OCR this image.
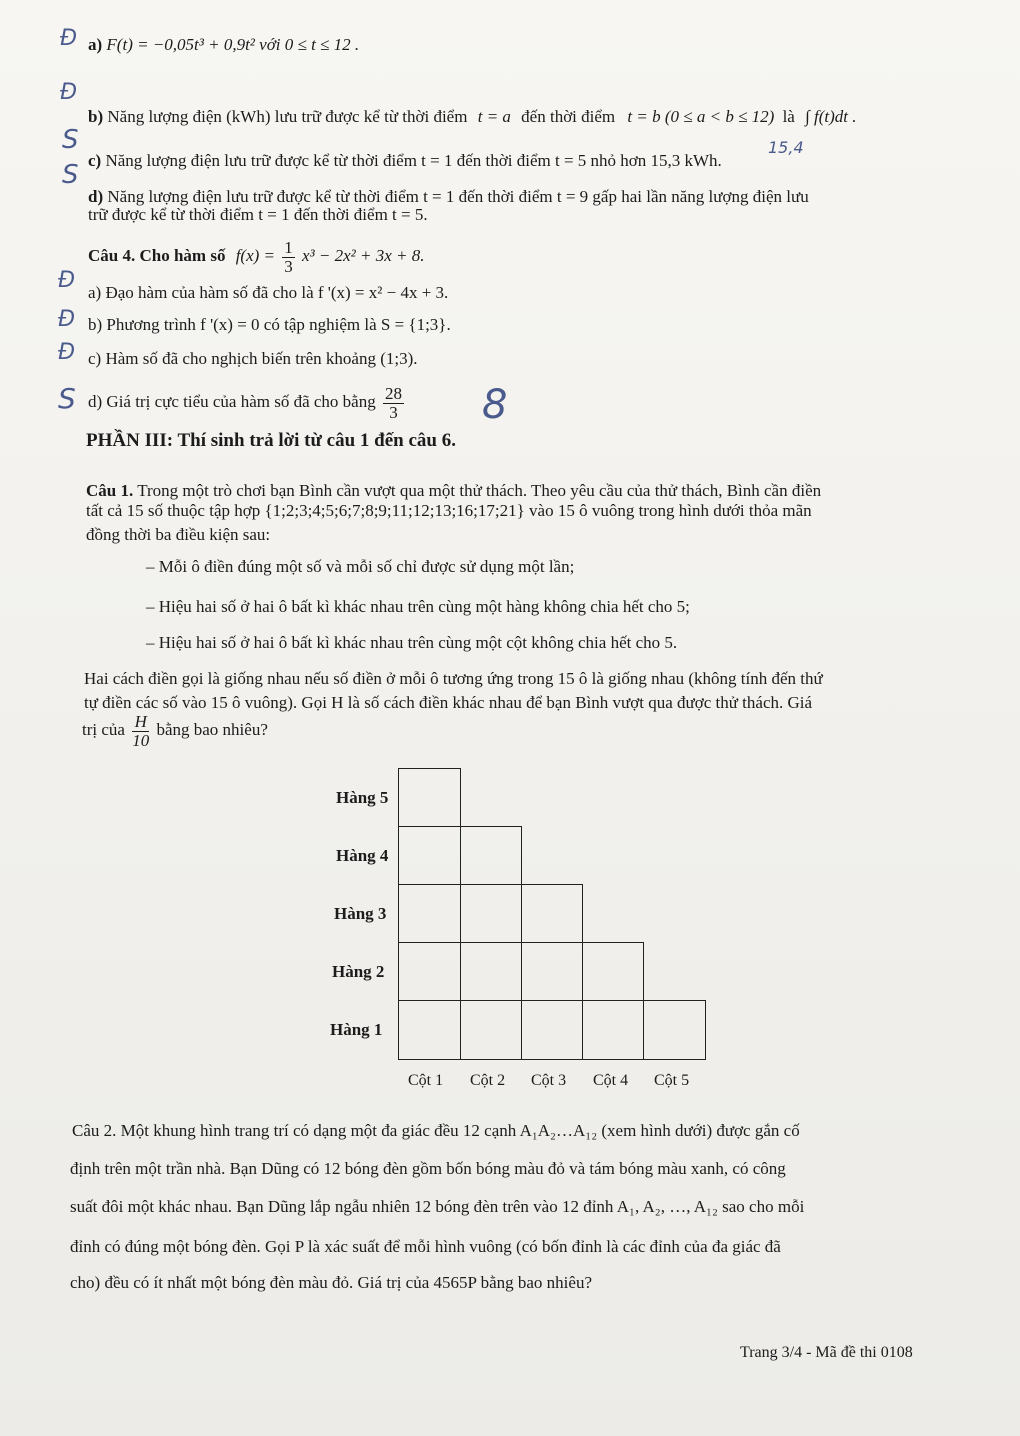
Đ
Đ
S
S
15,4
Đ
Đ
Đ
S	8
a) F(t) = −0,05t³ + 0,9t² với 0 ≤ t ≤ 12 .
b) Năng lượng điện (kWh) lưu trữ được kể từ thời điểm t = a đến thời điểm t = b (0 ≤ a < b ≤ 12) là ∫ f(t)dt .
c) Năng lượng điện lưu trữ được kể từ thời điểm t = 1 đến thời điểm t = 5 nhỏ hơn 15,3 kWh.
d) Năng lượng điện lưu trữ được kể từ thời điểm t = 1 đến thời điểm t = 9 gấp hai lần năng lượng điện lưu
trữ được kể từ thời điểm t = 1 đến thời điểm t = 5.
Câu 4. Cho hàm số $f(x) = \frac{1}{3} x^3 - 2x^2 + 3x + 8$.
a) Đạo hàm của hàm số đã cho là f '(x) = x² − 4x + 3.
b) Phương trình f '(x) = 0 có tập nghiệm là S = {1;3}.
c) Hàm số đã cho nghịch biến trên khoảng (1;3).
d) Giá trị cực tiểu của hàm số đã cho bằng $\frac{28}{3}$
PHẦN III: Thí sinh trả lời từ câu 1 đến câu 6.
Câu 1. Trong một trò chơi bạn Bình cần vượt qua một thử thách. Theo yêu cầu của thử thách, Bình cần điền
tất cả 15 số thuộc tập hợp {1;2;3;4;5;6;7;8;9;11;12;13;16;17;21} vào 15 ô vuông trong hình dưới thỏa mãn
đồng thời ba điều kiện sau:
– Mỗi ô điền đúng một số và mỗi số chỉ được sử dụng một lần;
– Hiệu hai số ở hai ô bất kì khác nhau trên cùng một hàng không chia hết cho 5;
– Hiệu hai số ở hai ô bất kì khác nhau trên cùng một cột không chia hết cho 5.
Hai cách điền gọi là giống nhau nếu số điền ở mỗi ô tương ứng trong 15 ô là giống nhau (không tính đến thứ
tự điền các số vào 15 ô vuông). Gọi H là số cách điền khác nhau để bạn Bình vượt qua được thử thách. Giá
trị của $\frac{H}{10}$ bằng bao nhiêu?
Hàng 5
Hàng 4
Hàng 3
Hàng 2
Hàng 1
Cột 1 Cột 2 Cột 3 Cột 4 Cột 5
Câu 2. Một khung hình trang trí có dạng một đa giác đều 12 cạnh A₁A₂…A₁₂ (xem hình dưới) được gắn cố
định trên một trần nhà. Bạn Dũng có 12 bóng đèn gồm bốn bóng màu đỏ và tám bóng màu xanh, có công
suất đôi một khác nhau. Bạn Dũng lắp ngẫu nhiên 12 bóng đèn trên vào 12 đỉnh A₁, A₂, …, A₁₂ sao cho mỗi
đỉnh có đúng một bóng đèn. Gọi P là xác suất để mỗi hình vuông (có bốn đỉnh là các đỉnh của đa giác đã
cho) đều có ít nhất một bóng đèn màu đỏ. Giá trị của 4565P bằng bao nhiêu?
Trang 3/4 - Mã đề thi 0108
